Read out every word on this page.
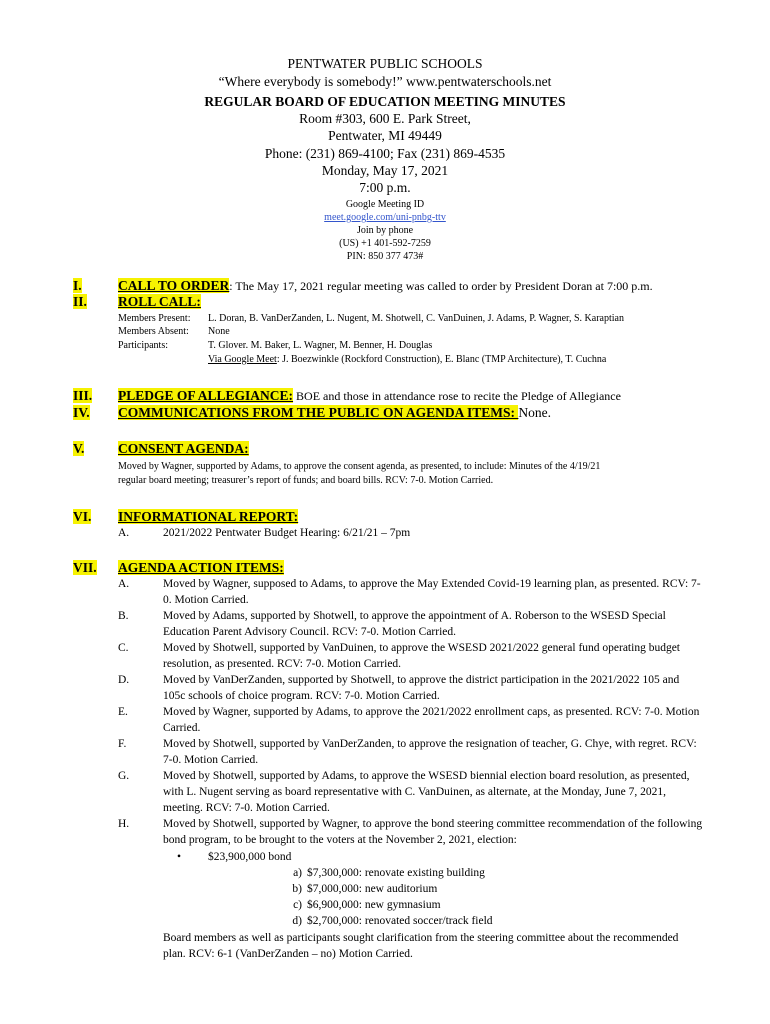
PENTWATER PUBLIC SCHOOLS
“Where everybody is somebody!” www.pentwaterschools.net
REGULAR BOARD OF EDUCATION MEETING MINUTES
Room #303, 600 E. Park Street,
Pentwater, MI 49449
Phone: (231) 869-4100; Fax (231) 869-4535
Monday, May 17, 2021
7:00 p.m.
Google Meeting ID
meet.google.com/uni-pnbg-ttv
Join by phone
(US) +1 401-592-7259
PIN: 850 377 473#
I.	CALL TO ORDER: The May 17, 2021 regular meeting was called to order by President Doran at 7:00 p.m.
II. ROLL CALL:
Members Present: L. Doran, B. VanDerZanden, L. Nugent, M. Shotwell, C. VanDuinen, J. Adams, P. Wagner, S. Karaptian
Members Absent: None
Participants:	T. Glover. M. Baker, L. Wagner, M. Benner, H. Douglas
Via Google Meet: J. Boezwinkle (Rockford Construction), E. Blanc (TMP Architecture), T. Cuchna
III. PLEDGE OF ALLEGIANCE: BOE and those in attendance rose to recite the Pledge of Allegiance
IV. COMMUNICATIONS FROM THE PUBLIC ON AGENDA ITEMS: None.
V. CONSENT AGENDA:
Moved by Wagner, supported by Adams, to approve the consent agenda, as presented, to include: Minutes of the 4/19/21
regular board meeting; treasurer’s report of funds; and board bills. RCV: 7-0. Motion Carried.
VI. INFORMATIONAL REPORT:
A.	2021/2022 Pentwater Budget Hearing: 6/21/21 – 7pm
VII. AGENDA ACTION ITEMS:
A.	Moved by Wagner, supposed to Adams, to approve the May Extended Covid-19 learning plan, as presented. RCV: 7-0. Motion Carried.
B.	Moved by Adams, supported by Shotwell, to approve the appointment of A. Roberson to the WSESD Special Education Parent Advisory Council. RCV: 7-0. Motion Carried.
C.	Moved by Shotwell, supported by VanDuinen, to approve the WSESD 2021/2022 general fund operating budget resolution, as presented. RCV: 7-0. Motion Carried.
D.	Moved by VanDerZanden, supported by Shotwell, to approve the district participation in the 2021/2022 105 and 105c schools of choice program. RCV: 7-0. Motion Carried.
E.	Moved by Wagner, supported by Adams, to approve the 2021/2022 enrollment caps, as presented. RCV: 7-0. Motion Carried.
F.	Moved by Shotwell, supported by VanDerZanden, to approve the resignation of teacher, G. Chye, with regret. RCV: 7-0. Motion Carried.
G.	Moved by Shotwell, supported by Adams, to approve the WSESD biennial election board resolution, as presented, with L. Nugent serving as board representative with C. VanDuinen, as alternate, at the Monday, June 7, 2021, meeting. RCV: 7-0. Motion Carried.
H.	Moved by Shotwell, supported by Wagner, to approve the bond steering committee recommendation of the following bond program, to be brought to the voters at the November 2, 2021, election:
• $23,900,000 bond
a) $7,300,000: renovate existing building
b) $7,000,000: new auditorium
c) $6,900,000: new gymnasium
d) $2,700,000: renovated soccer/track field
Board members as well as participants sought clarification from the steering committee about the recommended plan. RCV: 6-1 (VanDerZanden – no) Motion Carried.
